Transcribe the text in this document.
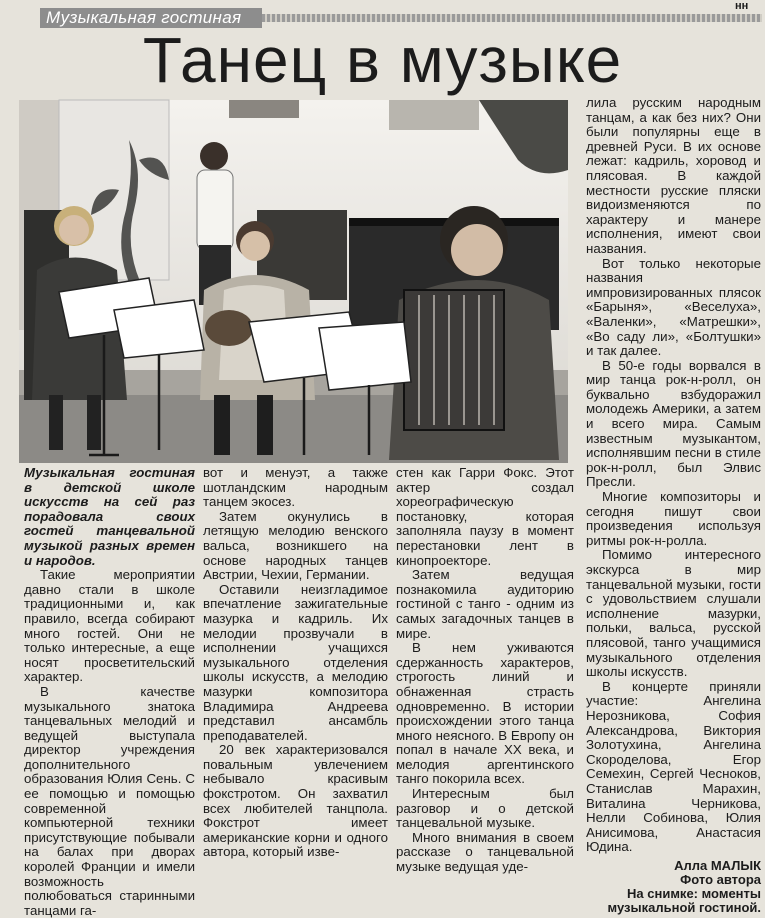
Музыкальная гостиная
нн
Танец в музыке

Музыкальная гостиная в детской школе искусств на сей раз порадовала своих гостей танцевальной музыкой разных времен и народов.

Такие мероприятии давно стали в школе традиционными и, как правило, всегда собирают много гостей. Они не только интересные, а еще носят просветительский характер.

В качестве музыкального знатока танцевальных мелодий и ведущей выступала директор учреждения дополнительного образования Юлия Сень. С ее помощью и помощью современной компьютерной техники присутствующие побывали на балах при дворах королей Франции и имели возможность полюбоваться старинными танцами га-

вот и менуэт, а также шотландским народным танцем экосез.

Затем окунулись в летящую мелодию венского вальса, возникшего на основе народных танцев Австрии, Чехии, Германии.

Оставили неизгладимое впечатление зажигательные мазурка и кадриль. Их мелодии прозвучали в исполнении учащихся музыкального отделения школы искусств, а мелодию мазурки композитора Владимира Андреева представил ансамбль преподавателей.

20 век характеризовался повальным увлечением небывало красивым фокстротом. Он захватил всех любителей танцпола. Фокстрот имеет американские корни и одного автора, который изве-

стен как Гарри Фокс. Этот актер создал хореографическую постановку, которая заполняла паузу в момент перестановки лент в кинопроекторе.

Затем ведущая познакомила аудиторию гостиной с танго - одним из самых загадочных танцев в мире.

В нем уживаются сдержанность характеров, строгость линий и обнаженная страсть одновременно. В истории происхождении этого танца много неясного. В Европу он попал в начале XX века, и мелодия аргентинского танго покорила всех.

Интересным был разговор и о детской танцевальной музыке.

Много внимания в своем рассказе о танцевальной музыке ведущая уде-

лила русским народным танцам, а как без них? Они были популярны еще в древней Руси. В их основе лежат: кадриль, хоровод и плясовая. В каждой местности русские пляски видоизменяются по характеру и манере исполнения, имеют свои названия.

Вот только некоторые названия импровизированных плясок «Барыня», «Веселуха», «Валенки», «Матрешки», «Во саду ли», «Болтушки» и так далее.

В 50-е годы ворвался в мир танца рок-н-ролл, он буквально взбудоражил молодежь Америки, а затем и всего мира. Самым известным музыкантом, исполнявшим песни в стиле рок-н-ролл, был Элвис Пресли.

Многие композиторы и сегодня пишут свои произведения используя ритмы рок-н-ролла.

Помимо интересного экскурса в мир танцевальной музыки, гости с удовольствием слушали исполнение мазурки, польки, вальса, русской плясовой, танго учащимися музыкального отделения школы искусств.

В концерте приняли участие: Ангелина Нерозникова, София Александрова, Виктория Золотухина, Ангелина Скороделова, Егор Семехин, Сергей Чесноков, Станислав Марахин, Виталина Черникова, Нелли Собинова, Юлия Анисимова, Анастасия Юдина.

Алла МАЛЫК
Фото автора
На снимке: моменты музыкальной гостиной.
